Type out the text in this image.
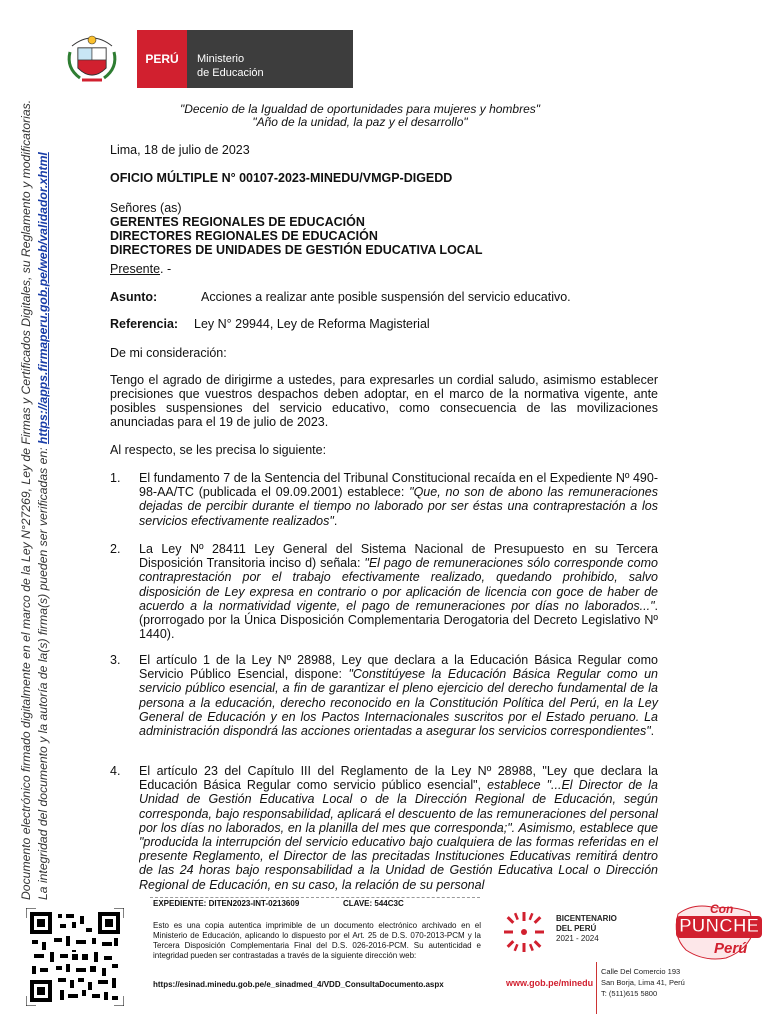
PERÚ	Ministerio
de Educación
Documento electrónico firmado digitalmente en el marco de la Ley N°27269, Ley de Firmas y Certificados Digitales, su Reglamento y modificatorias. La integridad del documento y la autoría de la(s) firma(s) pueden ser verificadas en: https://apps.firmaperu.gob.pe/web/validador.xhtml
"Decenio de la Igualdad de oportunidades para mujeres y hombres"
"Año de la unidad, la paz y el desarrollo"
Lima, 18 de julio de 2023
OFICIO MÚLTIPLE N° 00107-2023-MINEDU/VMGP-DIGEDD
Señores (as)
GERENTES REGIONALES DE EDUCACIÓN
DIRECTORES REGIONALES DE EDUCACIÓN
DIRECTORES DE UNIDADES DE GESTIÓN EDUCATIVA LOCAL
Presente. -
Asunto:	Acciones a realizar ante posible suspensión del servicio educativo.
Referencia: Ley N° 29944, Ley de Reforma Magisterial
De mi consideración:
Tengo el agrado de dirigirme a ustedes, para expresarles un cordial saludo, asimismo establecer precisiones que vuestros despachos deben adoptar, en el marco de la normativa vigente, ante posibles suspensiones del servicio educativo, como consecuencia de las movilizaciones anunciadas para el 19 de julio de 2023.
Al respecto, se les precisa lo siguiente:
1. El fundamento 7 de la Sentencia del Tribunal Constitucional recaída en el Expediente Nº 490-98-AA/TC (publicada el 09.09.2001) establece: "Que, no son de abono las remuneraciones dejadas de percibir durante el tiempo no laborado por ser éstas una contraprestación a los servicios efectivamente realizados".
2. La Ley Nº 28411 Ley General del Sistema Nacional de Presupuesto en su Tercera Disposición Transitoria inciso d) señala: "El pago de remuneraciones sólo corresponde como contraprestación por el trabajo efectivamente realizado, quedando prohibido, salvo disposición de Ley expresa en contrario o por aplicación de licencia con goce de haber de acuerdo a la normatividad vigente, el pago de remuneraciones por días no laborados...". (prorrogado por la Única Disposición Complementaria Derogatoria del Decreto Legislativo Nº 1440).
3. El artículo 1 de la Ley Nº 28988, Ley que declara a la Educación Básica Regular como Servicio Público Esencial, dispone: "Constitúyese la Educación Básica Regular como un servicio público esencial, a fin de garantizar el pleno ejercicio del derecho fundamental de la persona a la educación, derecho reconocido en la Constitución Política del Perú, en la Ley General de Educación y en los Pactos Internacionales suscritos por el Estado peruano. La administración dispondrá las acciones orientadas a asegurar los servicios correspondientes".
4. El artículo 23 del Capítulo III del Reglamento de la Ley Nº 28988, "Ley que declara la Educación Básica Regular como servicio público esencial", establece "...El Director de la Unidad de Gestión Educativa Local o de la Dirección Regional de Educación, según corresponda, bajo responsabilidad, aplicará el descuento de las remuneraciones del personal por los días no laborados, en la planilla del mes que corresponda;". Asimismo, establece que "producida la interrupción del servicio educativo bajo cualquiera de las formas referidas en el presente Reglamento, el Director de las precitadas Instituciones Educativas remitirá dentro de las 24 horas bajo responsabilidad a la Unidad de Gestión Educativa Local o Dirección Regional de Educación, en su caso, la relación de su personal
EXPEDIENTE: DITEN2023-INT-0213609	CLAVE: 544C3C
Esto es una copia autentica imprimible de un documento electrónico archivado en el Ministerio de Educación, aplicando lo dispuesto por el Art. 25 de D.S. 070-2013-PCM y la Tercera Disposición Complementaria Final del D.S. 026-2016-PCM. Su autenticidad e integridad pueden ser contrastadas a través de la siguiente dirección web:
https://esinad.minedu.gob.pe/e_sinadmed_4/VDD_ConsultaDocumento.aspx
BICENTENARIO
DEL PERÚ
2021 - 2024
Con
PUNCHE
Perú
www.gob.pe/minedu
Calle Del Comercio 193
San Borja, Lima 41, Perú
T: (511)615 5800
